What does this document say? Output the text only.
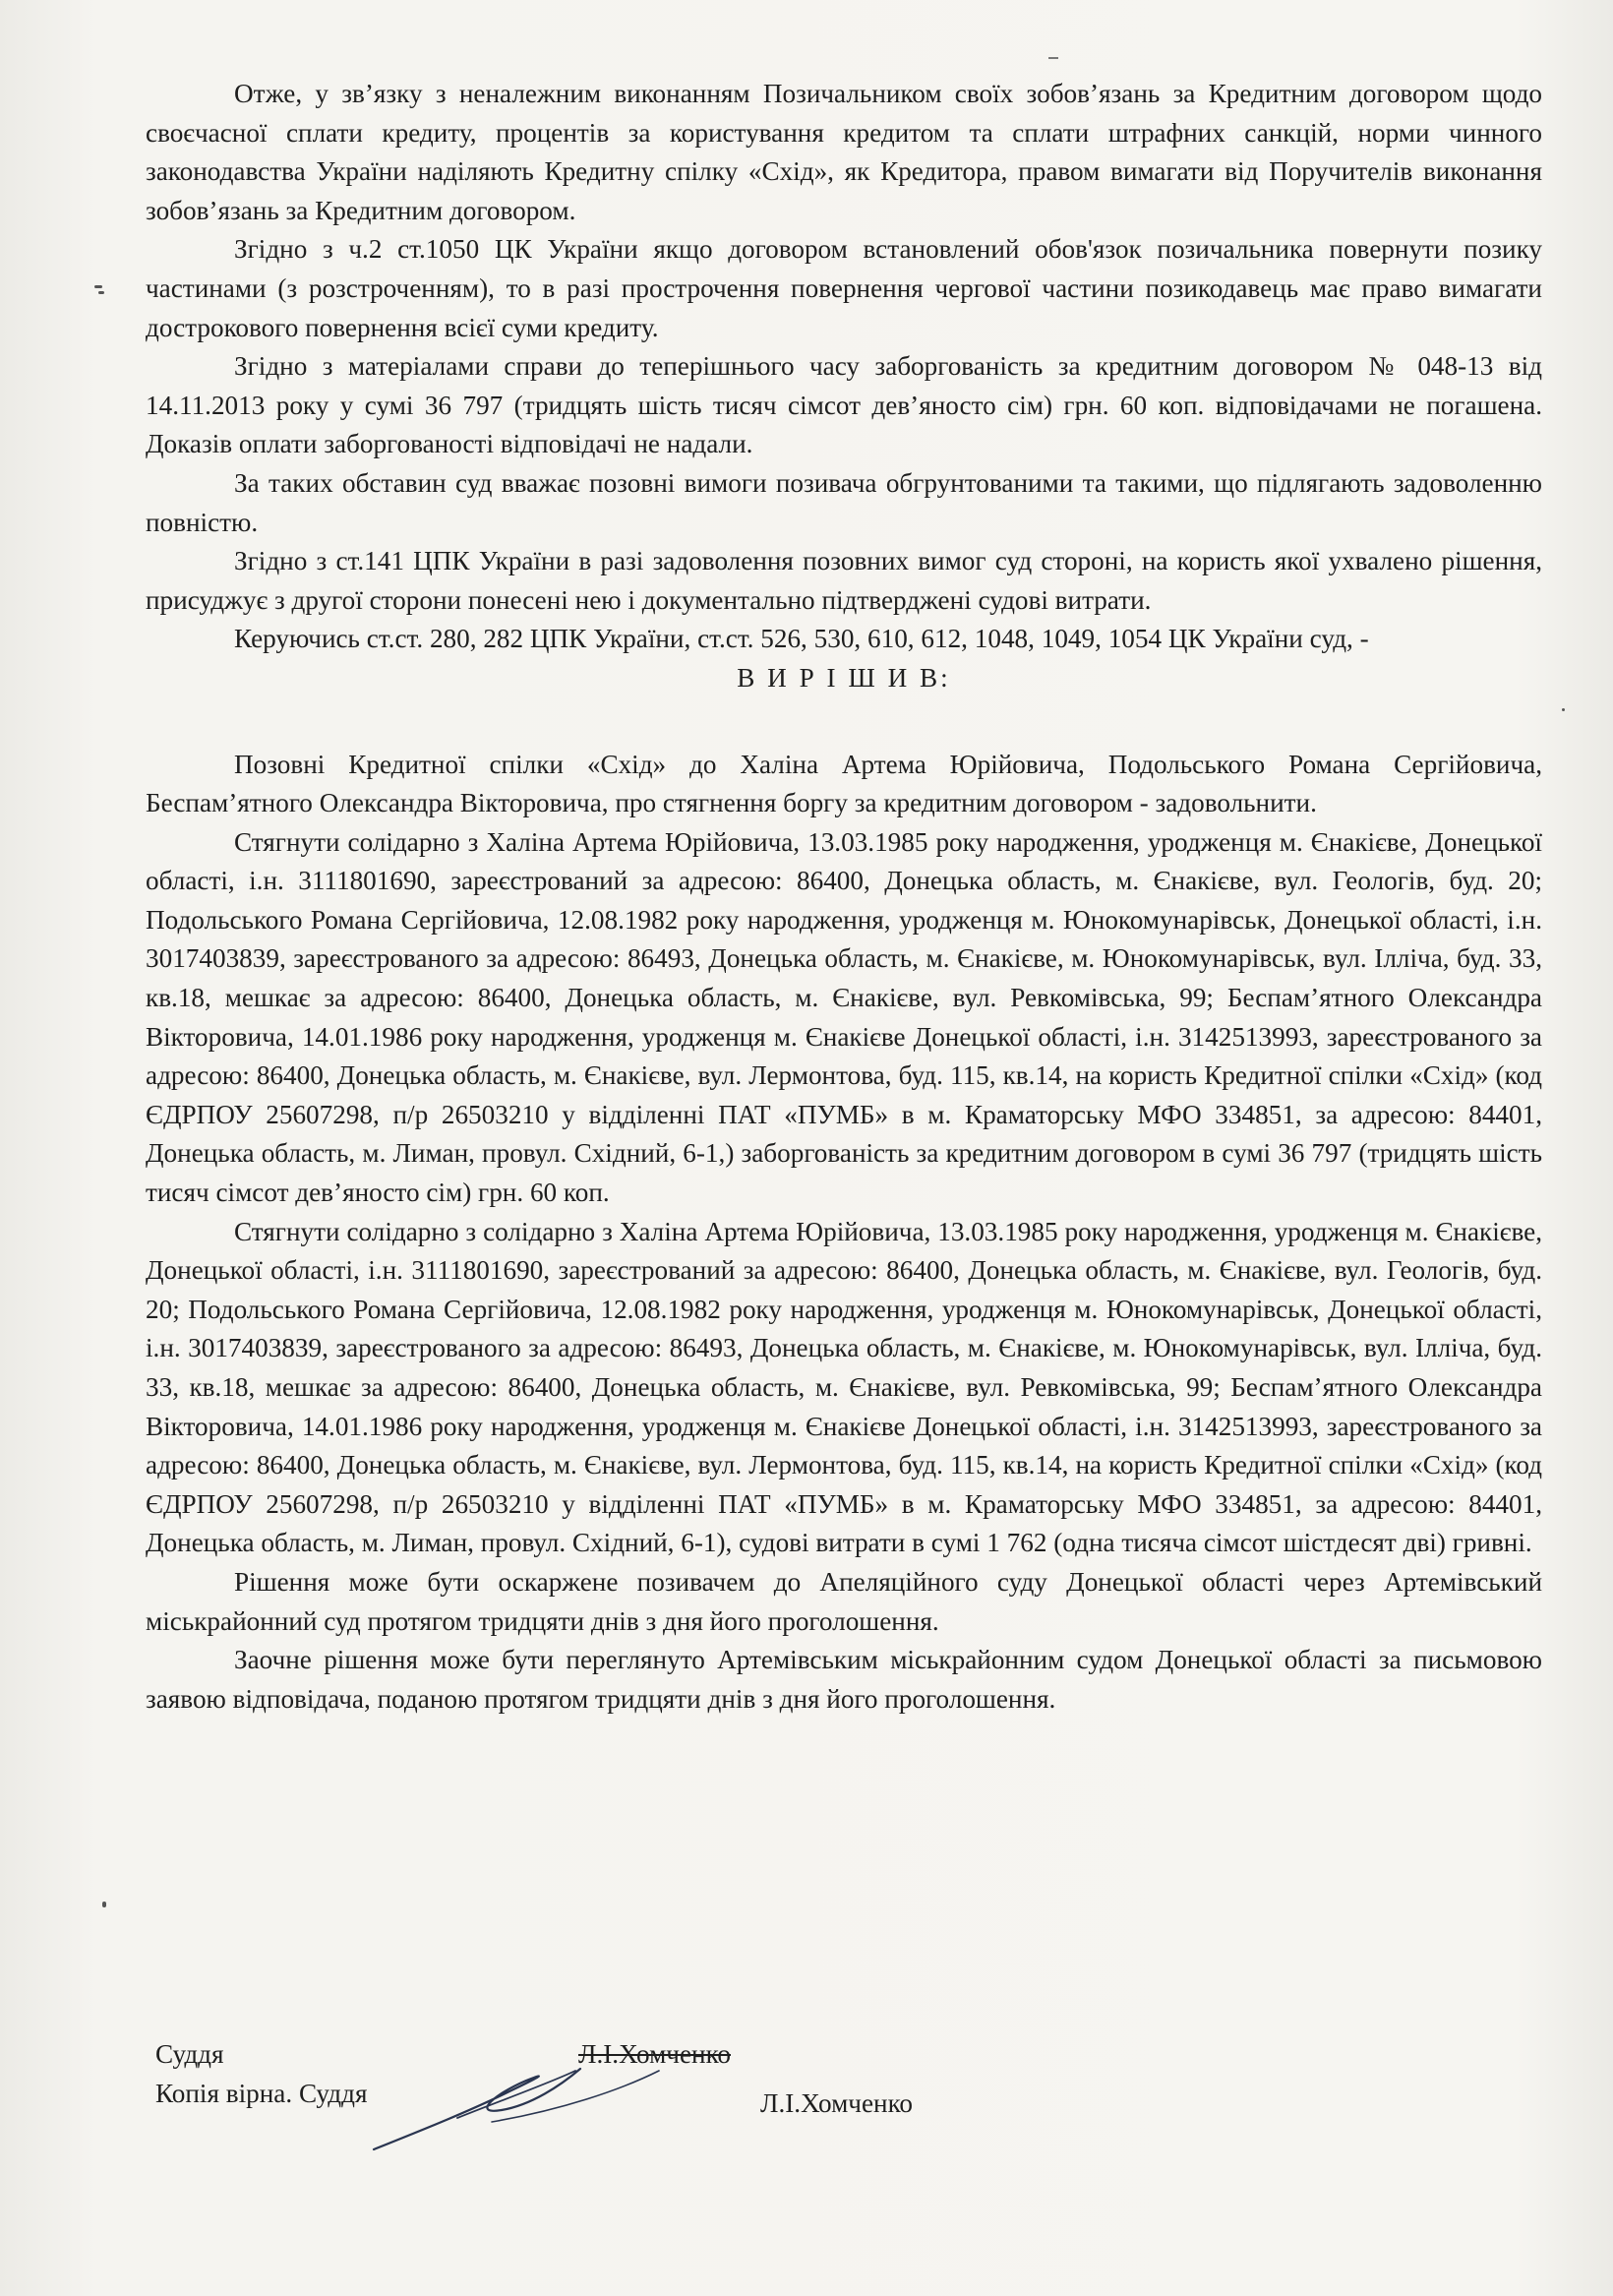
Отже, у зв’язку з неналежним виконанням Позичальником своїх зобов’язань за Кредитним договором щодо своєчасної сплати кредиту, процентів за користування кредитом та сплати штрафних санкцій, норми чинного законодавства України наділяють Кредитну спілку «Схід», як Кредитора, правом вимагати від Поручителів виконання зобов’язань за Кредитним договором.

Згідно з ч.2 ст.1050 ЦК України якщо договором встановлений обов'язок позичальника повернути позику частинами (з розстроченням), то в разі прострочення повернення чергової частини позикодавець має право вимагати дострокового повернення всієї суми кредиту.

Згідно з матеріалами справи до теперішнього часу заборгованість за кредитним договором № 048-13 від 14.11.2013 року у сумі 36 797 (тридцять шість тисяч сімсот дев’яносто сім) грн. 60 коп. відповідачами не погашена. Доказів оплати заборгованості відповідачі не надали.

За таких обставин суд вважає позовні вимоги позивача обгрунтованими та такими, що підлягають задоволенню повністю.

Згідно з ст.141 ЦПК України в разі задоволення позовних вимог суд стороні, на користь якої ухвалено рішення, присуджує з другої сторони понесені нею і документально підтверджені судові витрати.

Керуючись ст.ст. 280, 282 ЦПК України, ст.ст. 526, 530, 610, 612, 1048, 1049, 1054 ЦК України суд, -

В И Р І Ш И В:

Позовні Кредитної спілки «Схід» до Халіна Артема Юрійовича, Подольського Романа Сергійовича, Беспам’ятного Олександра Вікторовича, про стягнення боргу за кредитним договором - задовольнити.

Стягнути солідарно з Халіна Артема Юрійовича, 13.03.1985 року народження, уродженця м. Єнакієве, Донецької області, і.н. 3111801690, зареєстрований за адресою: 86400, Донецька область, м. Єнакієве, вул. Геологів, буд. 20; Подольського Романа Сергійовича, 12.08.1982 року народження, уродженця м. Юнокомунарівськ, Донецької області, і.н. 3017403839, зареєстрованого за адресою: 86493, Донецька область, м. Єнакієве, м. Юнокомунарівськ, вул. Ілліча, буд. 33, кв.18, мешкає за адресою: 86400, Донецька область, м. Єнакієве, вул. Ревкомівська, 99; Беспам’ятного Олександра Вікторовича, 14.01.1986 року народження, уродженця м. Єнакієве Донецької області, і.н. 3142513993, зареєстрованого за адресою: 86400, Донецька область, м. Єнакієве, вул. Лермонтова, буд. 115, кв.14, на користь Кредитної спілки «Схід» (код ЄДРПОУ 25607298, п/р 26503210 у відділенні ПАТ «ПУМБ» в м. Краматорську МФО 334851, за адресою: 84401, Донецька область, м. Лиман, провул. Східний, 6-1,) заборгованість за кредитним договором в сумі 36 797 (тридцять шість тисяч сімсот дев’яносто сім) грн. 60 коп.

Стягнути солідарно з солідарно з Халіна Артема Юрійовича, 13.03.1985 року народження, уродженця м. Єнакієве, Донецької області, і.н. 3111801690, зареєстрований за адресою: 86400, Донецька область, м. Єнакієве, вул. Геологів, буд. 20; Подольського Романа Сергійовича, 12.08.1982 року народження, уродженця м. Юнокомунарівськ, Донецької області, і.н. 3017403839, зареєстрованого за адресою: 86493, Донецька область, м. Єнакієве, м. Юнокомунарівськ, вул. Ілліча, буд. 33, кв.18, мешкає за адресою: 86400, Донецька область, м. Єнакієве, вул. Ревкомівська, 99; Беспам’ятного Олександра Вікторовича, 14.01.1986 року народження, уродженця м. Єнакієве Донецької області, і.н. 3142513993, зареєстрованого за адресою: 86400, Донецька область, м. Єнакієве, вул. Лермонтова, буд. 115, кв.14, на користь Кредитної спілки «Схід» (код ЄДРПОУ 25607298, п/р 26503210 у відділенні ПАТ «ПУМБ» в м. Краматорську МФО 334851, за адресою: 84401, Донецька область, м. Лиман, провул. Східний, 6-1), судові витрати в сумі 1 762 (одна тисяча сімсот шістдесят дві) гривні.

Рішення може бути оскаржене позивачем до Апеляційного суду Донецької області через Артемівський міськрайонний суд протягом тридцяти днів з дня його проголошення.

Заочне рішення може бути переглянуто Артемівським міськрайонним судом Донецької області за письмовою заявою відповідача, поданою протягом тридцяти днів з дня його проголошення.

Суддя	Л.І.Хомченко
Копія вірна. Суддя	Л.І.Хомченко
